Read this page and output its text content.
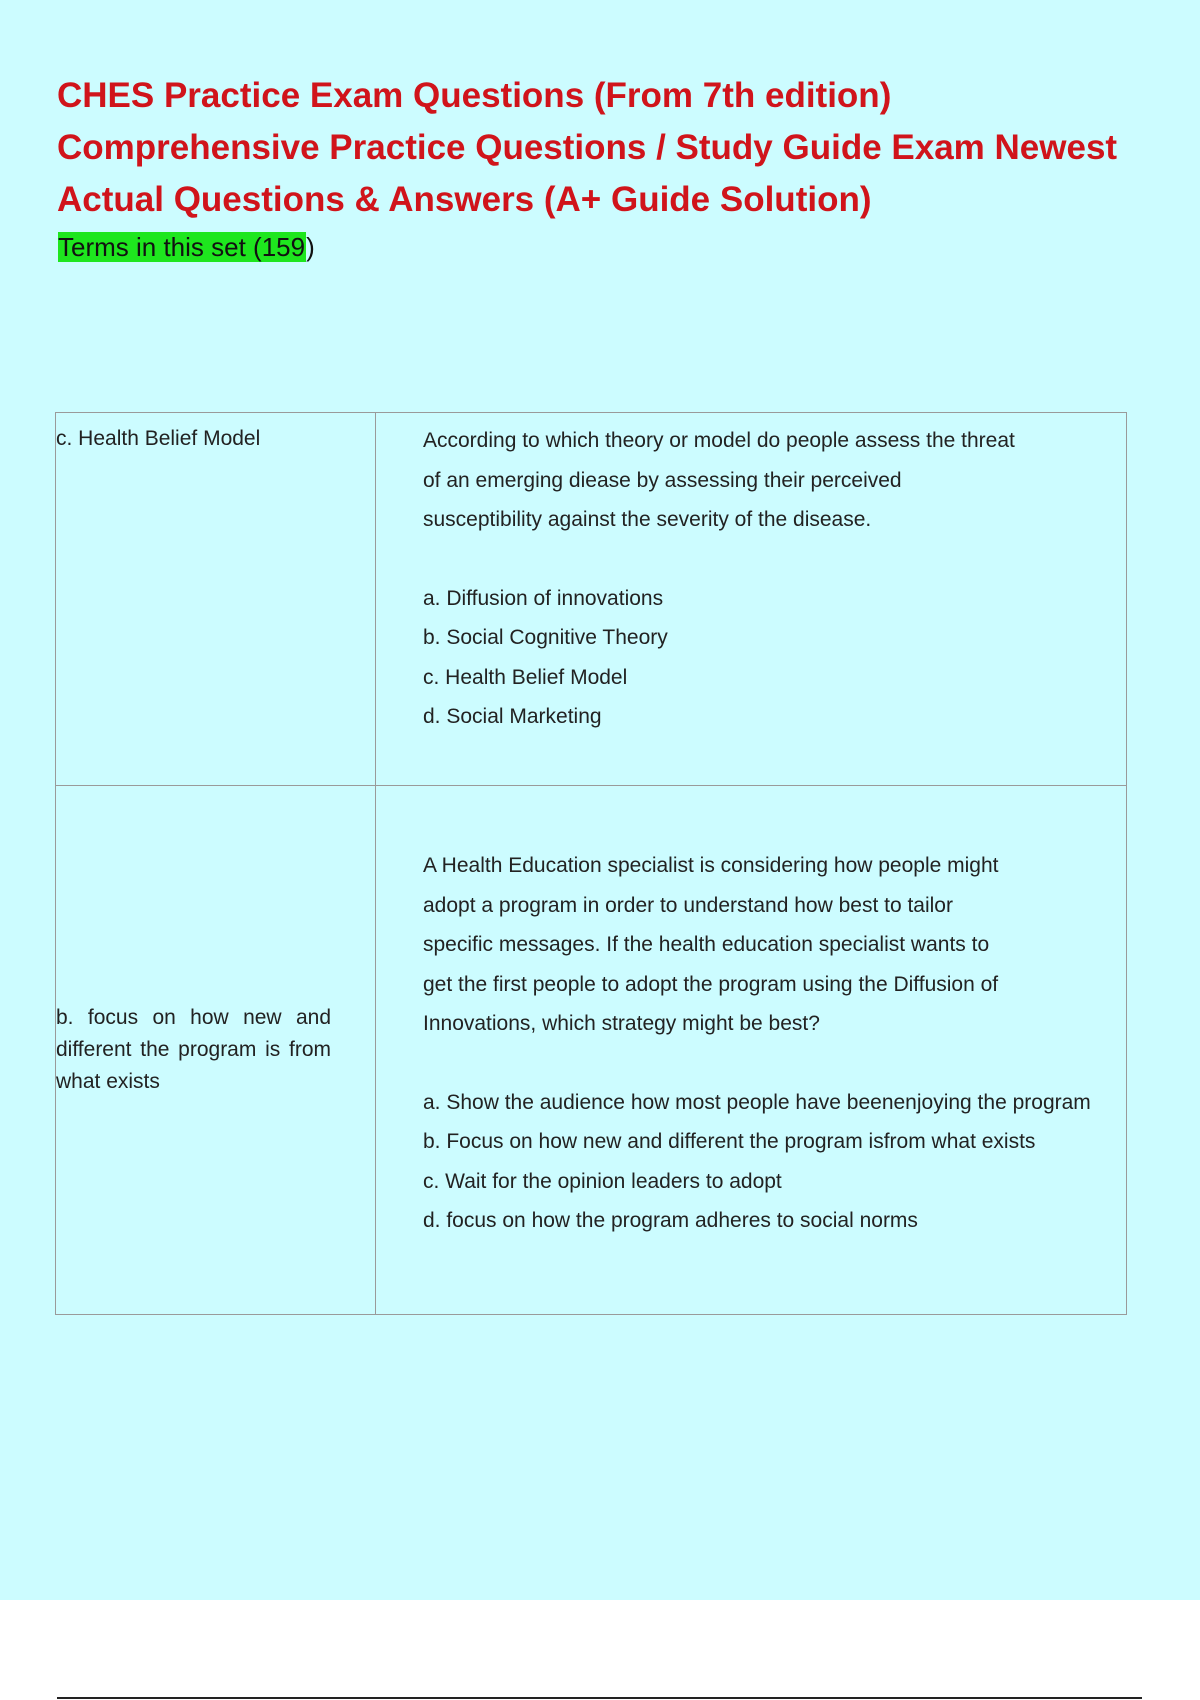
CHES Practice Exam Questions (From 7th edition) Comprehensive Practice Questions / Study Guide Exam Newest Actual Questions & Answers (A+ Guide Solution)
Terms in this set (159)
c. Health Belief Model	According to which theory or model do people assess the threat of an emerging diease by assessing their perceived susceptibility against the severity of the disease.
a. Diffusion of innovations
b. Social Cognitive Theory
c. Health Belief Model
d. Social Marketing
b. focus on how new and different the program is from what exists
A Health Education specialist is considering how people might adopt a program in order to understand how best to tailor specific messages. If the health education specialist wants to get the first people to adopt the program using the Diffusion of Innovations, which strategy might be best?
a. Show the audience how most people have beenenjoying the program
b. Focus on how new and different the program isfrom what exists
c. Wait for the opinion leaders to adopt
d. focus on how the program adheres to social norms
